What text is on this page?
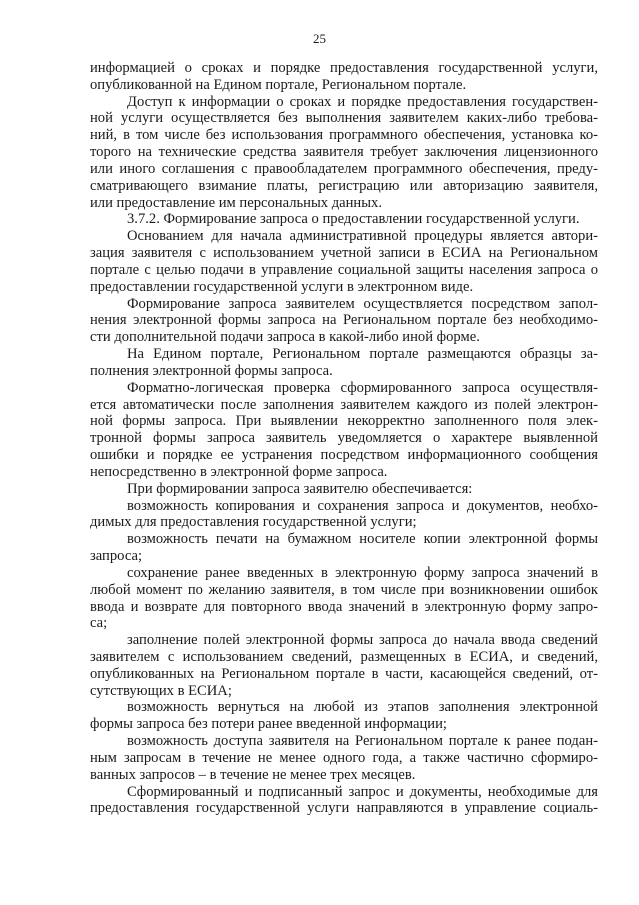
25
информацией о сроках и порядке предоставления государственной услуги,
опубликованной на Едином портале, Региональном портале.
Доступ к информации о сроках и порядке предоставления государствен-
ной услуги осуществляется без выполнения заявителем каких-либо требова-
ний, в том числе без использования программного обеспечения, установка ко-
торого на технические средства заявителя требует заключения лицензионного
или иного соглашения с правообладателем программного обеспечения, преду-
сматривающего взимание платы, регистрацию или авторизацию заявителя,
или предоставление им персональных данных.
3.7.2. Формирование запроса о предоставлении государственной услуги.
Основанием для начала административной процедуры является автори-
зация заявителя с использованием учетной записи в ЕСИА на Региональном
портале с целью подачи в управление социальной защиты населения запроса о
предоставлении государственной услуги в электронном виде.
Формирование запроса заявителем осуществляется посредством запол-
нения электронной формы запроса на Региональном портале без необходимо-
сти дополнительной подачи запроса в какой-либо иной форме.
На Едином портале, Региональном портале размещаются образцы за-
полнения электронной формы запроса.
Форматно-логическая проверка сформированного запроса осуществля-
ется автоматически после заполнения заявителем каждого из полей электрон-
ной формы запроса. При выявлении некорректно заполненного поля элек-
тронной формы запроса заявитель уведомляется о характере выявленной
ошибки и порядке ее устранения посредством информационного сообщения
непосредственно в электронной форме запроса.
При формировании запроса заявителю обеспечивается:
возможность копирования и сохранения запроса и документов, необхо-
димых для предоставления государственной услуги;
возможность печати на бумажном носителе копии электронной формы
запроса;
сохранение ранее введенных в электронную форму запроса значений в
любой момент по желанию заявителя, в том числе при возникновении ошибок
ввода и возврате для повторного ввода значений в электронную форму запро-
са;
заполнение полей электронной формы запроса до начала ввода сведений
заявителем с использованием сведений, размещенных в ЕСИА, и сведений,
опубликованных на Региональном портале в части, касающейся сведений, от-
сутствующих в ЕСИА;
возможность вернуться на любой из этапов заполнения электронной
формы запроса без потери ранее введенной информации;
возможность доступа заявителя на Региональном портале к ранее подан-
ным запросам в течение не менее одного года, а также частично сформиро-
ванных запросов – в течение не менее трех месяцев.
Сформированный и подписанный запрос и документы, необходимые для
предоставления государственной услуги направляются в управление социаль-
